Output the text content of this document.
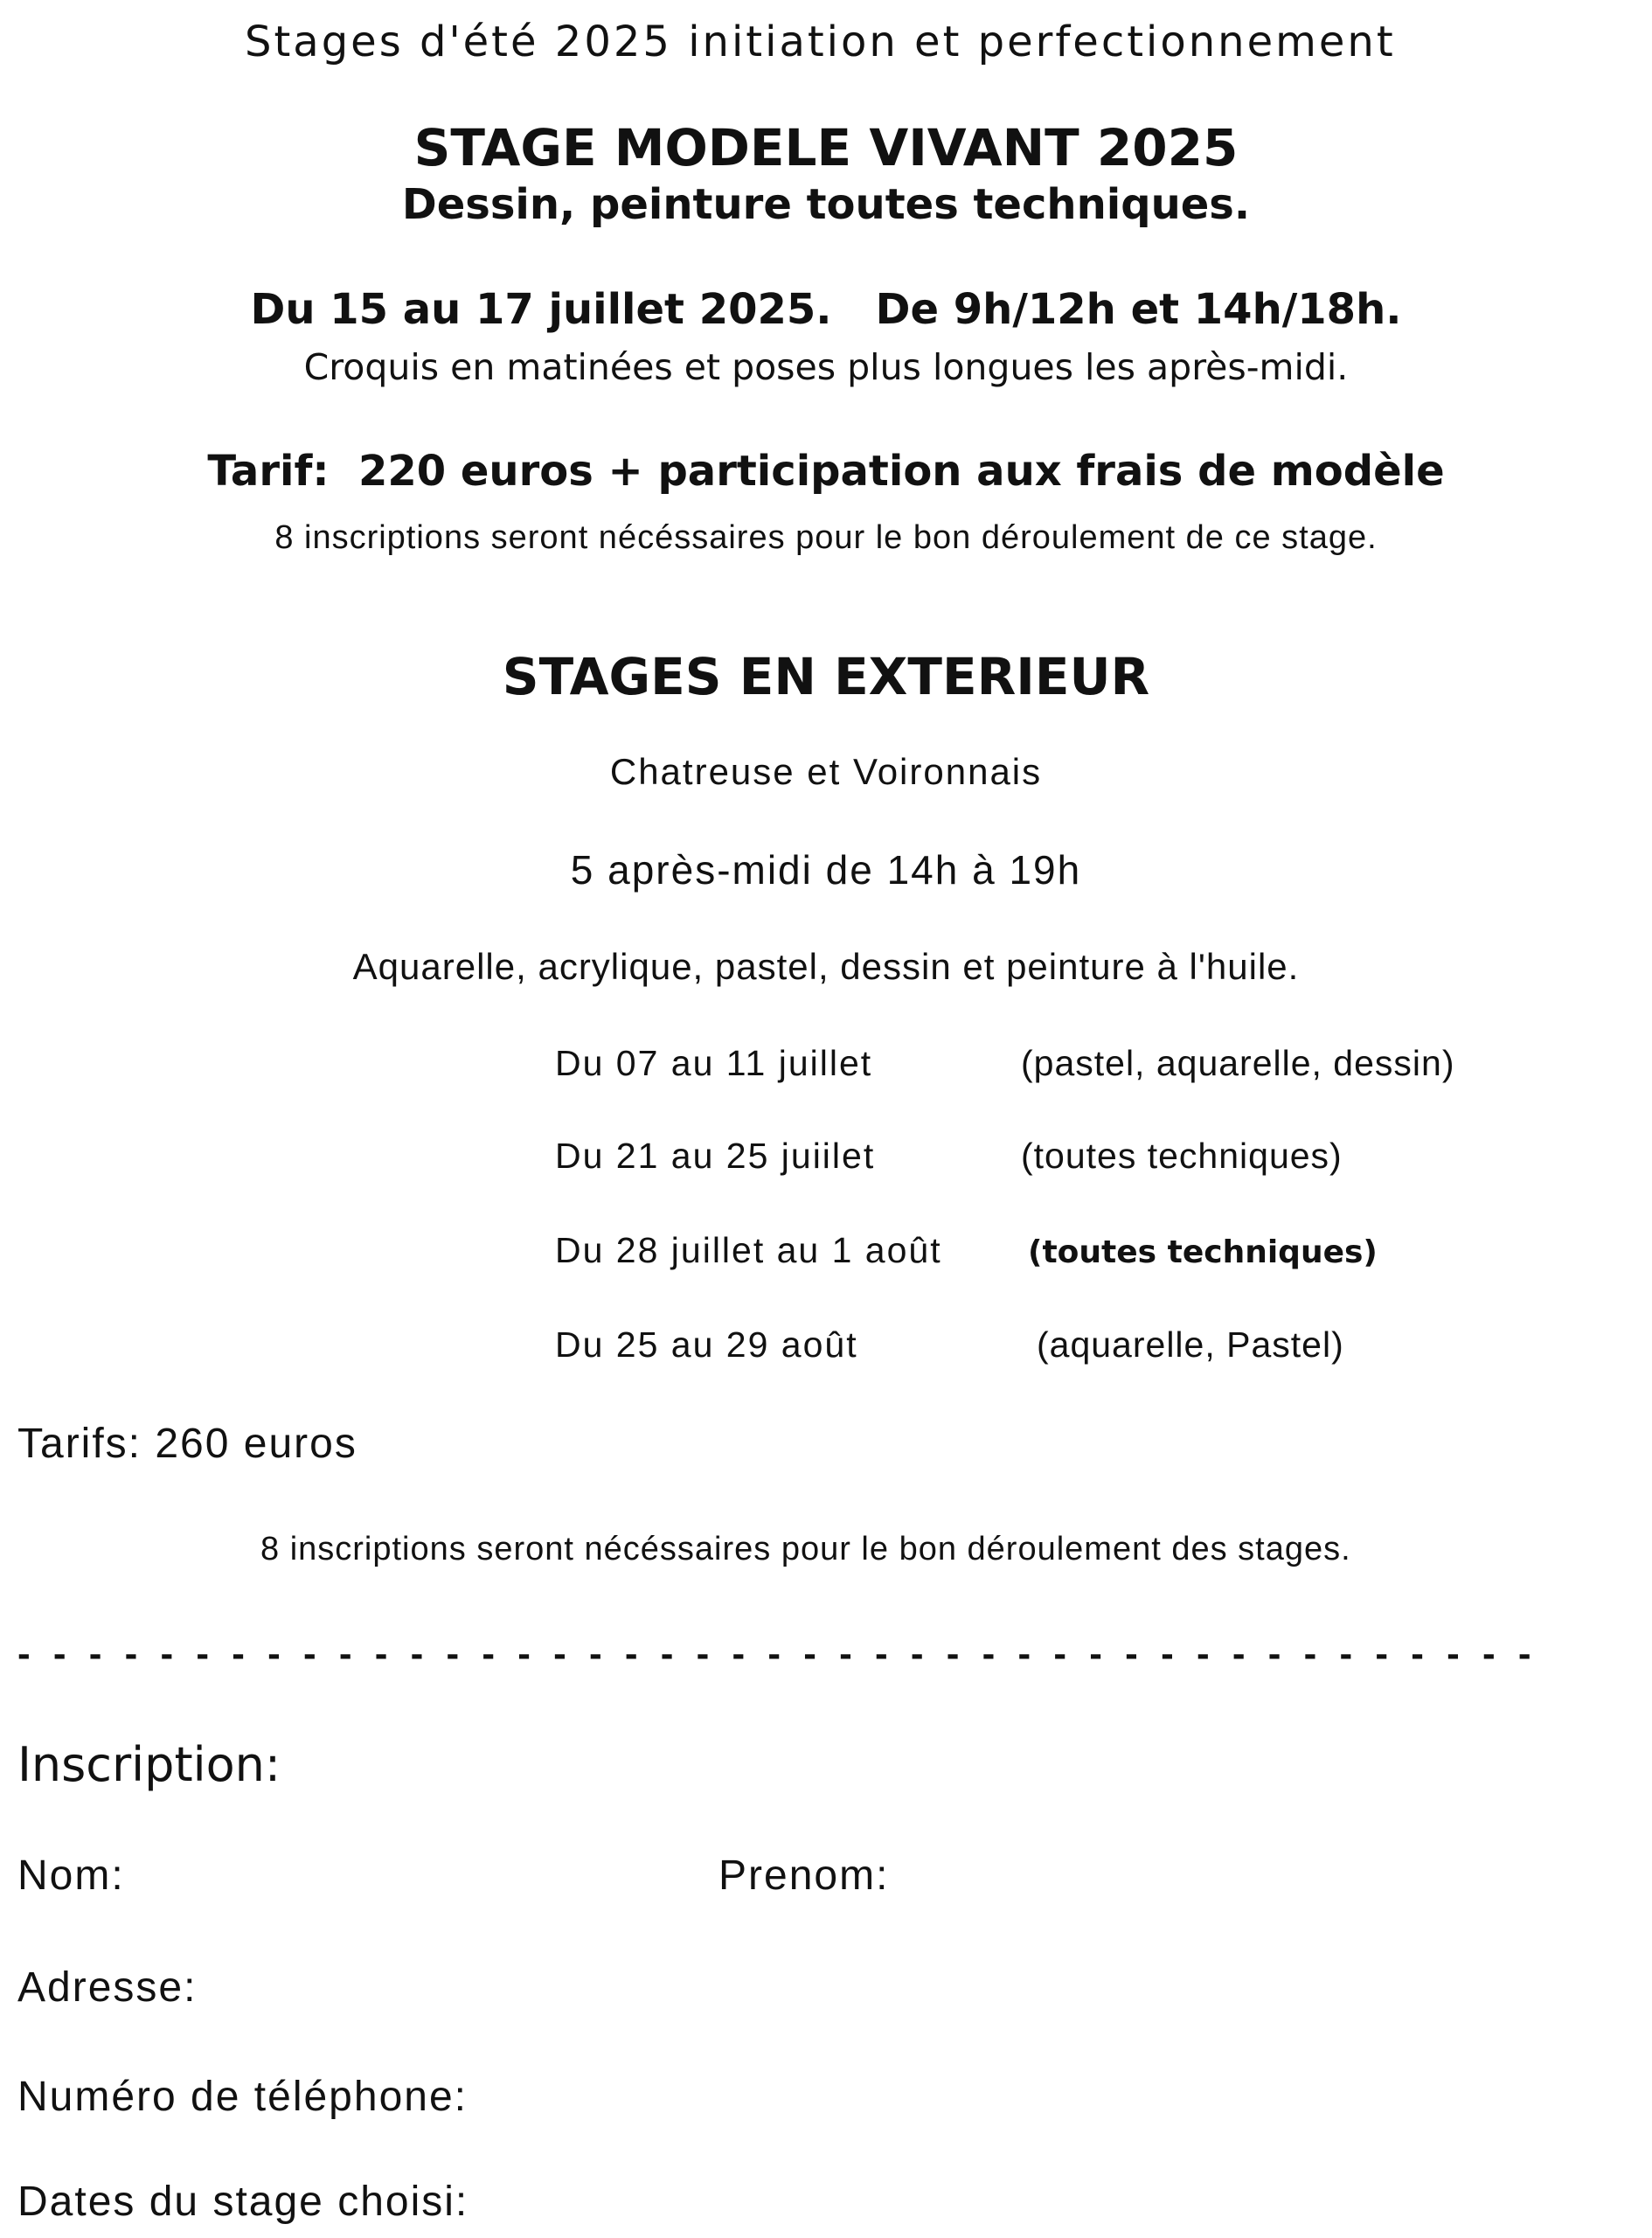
Stages d'été 2025 initiation et perfectionnement
STAGE MODELE VIVANT 2025
Dessin, peinture toutes techniques.
Du 15 au 17 juillet 2025.   De 9h/12h et 14h/18h.
Croquis en matinées et poses plus longues les après-midi.
Tarif:  220 euros + participation aux frais de modèle
8 inscriptions seront nécéssaires pour le bon déroulement de ce stage.
STAGES EN EXTERIEUR
Chatreuse et Voironnais
5 après-midi de 14h à 19h
Aquarelle, acrylique, pastel, dessin et peinture à l'huile.
Du 07 au 11 juillet	(pastel, aquarelle, dessin)
Du 21 au 25 juiilet	(toutes techniques)
Du 28 juillet au 1 août	(toutes techniques)
Du 25 au 29 août	(aquarelle, Pastel)
Tarifs: 260 euros
8 inscriptions seront nécéssaires pour le bon déroulement des stages.
- - - - - - - - - - - - - - - - - - - - - - - - - - - - - - - - - - - - - - - - - - -
Inscription:
Nom:	Prenom:
Adresse:
Numéro de téléphone:
Dates du stage choisi:
